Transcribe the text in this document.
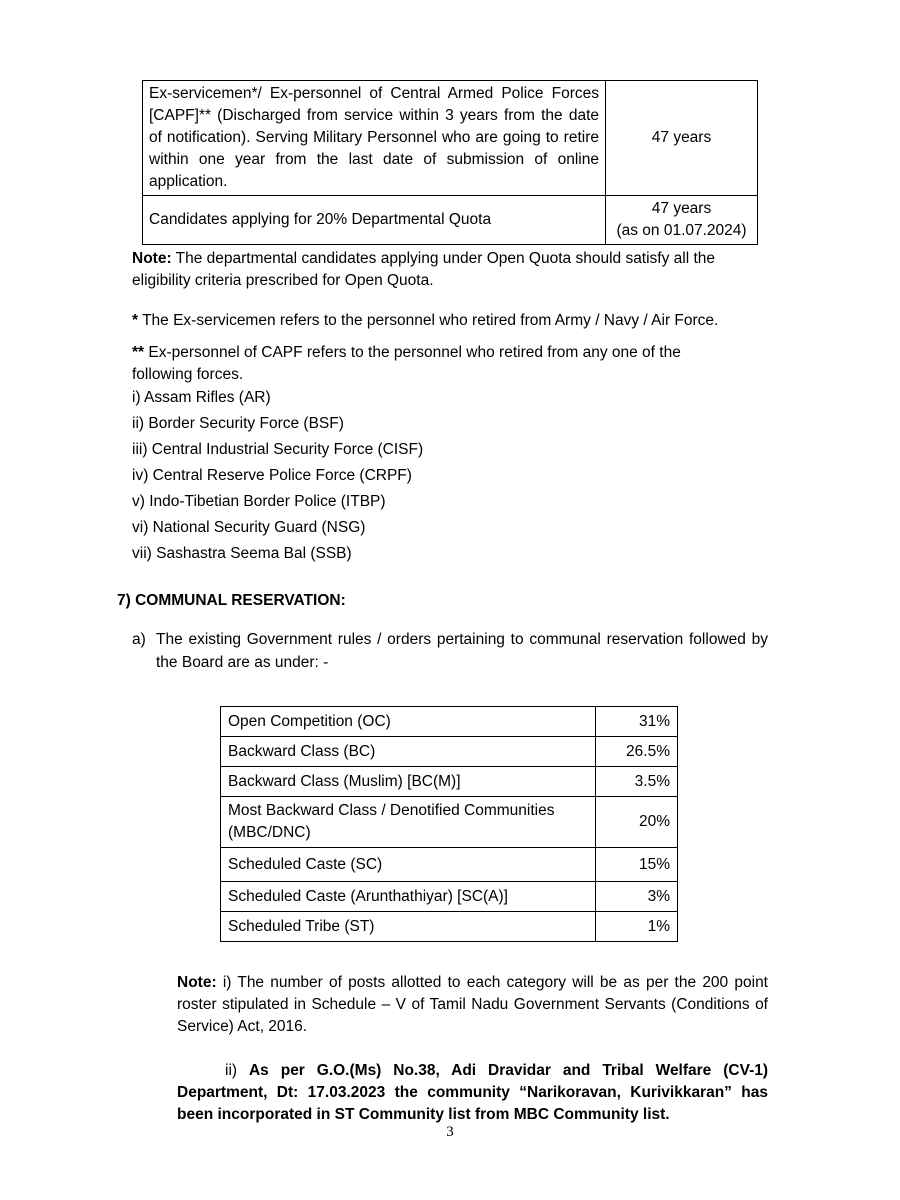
Ex-servicemen*/ Ex-personnel of Central Armed Police Forces [CAPF]** (Discharged from service within 3 years from the date of notification). Serving Military Personnel who are going to retire within one year from the last date of submission of online application.	47 years

Candidates applying for 20% Departmental Quota	47 years
(as on 01.07.2024)
Note: The departmental candidates applying under Open Quota should satisfy all the eligibility criteria prescribed for Open Quota.
* The Ex-servicemen refers to the personnel who retired from Army / Navy / Air Force.
** Ex-personnel of CAPF refers to the personnel who retired from any one of the following forces.
i) Assam Rifles (AR)
ii) Border Security Force (BSF)
iii) Central Industrial Security Force (CISF)
iv) Central Reserve Police Force (CRPF)
v) Indo-Tibetian Border Police (ITBP)
vi) National Security Guard (NSG)
vii) Sashastra Seema Bal (SSB)
7) COMMUNAL RESERVATION:
a) The existing Government rules / orders pertaining to communal reservation followed by the Board are as under: -
Open Competition (OC)	31%
Backward Class (BC)	26.5%
Backward Class (Muslim) [BC(M)]	3.5%
Most Backward Class / Denotified Communities (MBC/DNC)	20%
Scheduled Caste (SC)	15%
Scheduled Caste (Arunthathiyar) [SC(A)]	3%
Scheduled Tribe (ST)	1%
Note: i) The number of posts allotted to each category will be as per the 200 point roster stipulated in Schedule – V of Tamil Nadu Government Servants (Conditions of Service) Act, 2016.
ii) As per G.O.(Ms) No.38, Adi Dravidar and Tribal Welfare (CV-1) Department, Dt: 17.03.2023 the community “Narikoravan, Kurivikkaran” has been incorporated in ST Community list from MBC Community list.
3
